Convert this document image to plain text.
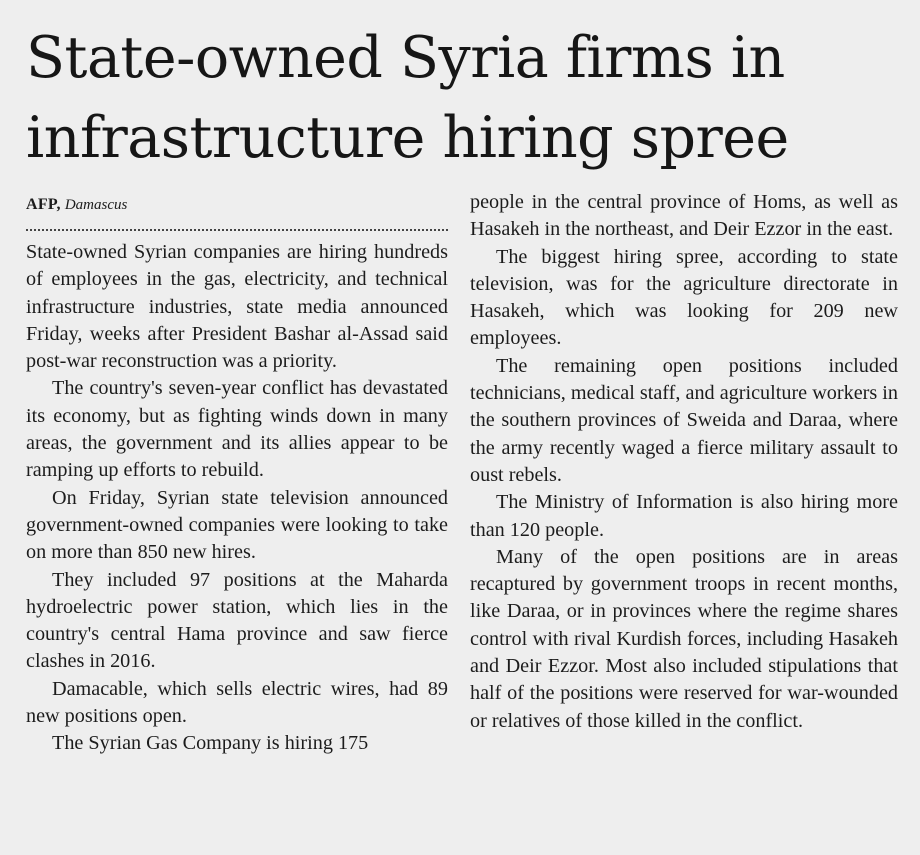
State-owned Syria firms in
infrastructure hiring spree
AFP, Damascus

State-owned Syrian companies are hiring hundreds of employees in the gas, electricity, and technical infrastructure industries, state media announced Friday, weeks after President Bashar al-Assad said post-war reconstruction was a priority.

The country's seven-year conflict has devastated its economy, but as fighting winds down in many areas, the government and its allies appear to be ramping up efforts to rebuild.

On Friday, Syrian state television announced government-owned companies were looking to take on more than 850 new hires.

They included 97 positions at the Maharda hydroelectric power station, which lies in the country's central Hama province and saw fierce clashes in 2016.

Damacable, which sells electric wires, had 89 new positions open.

The Syrian Gas Company is hiring 175

people in the central province of Homs, as well as Hasakeh in the northeast, and Deir Ezzor in the east.

The biggest hiring spree, according to state television, was for the agriculture directorate in Hasakeh, which was looking for 209 new employees.

The remaining open positions included technicians, medical staff, and agriculture workers in the southern provinces of Sweida and Daraa, where the army recently waged a fierce military assault to oust rebels.

The Ministry of Information is also hiring more than 120 people.

Many of the open positions are in areas recaptured by government troops in recent months, like Daraa, or in provinces where the regime shares control with rival Kurdish forces, including Hasakeh and Deir Ezzor. Most also included stipulations that half of the positions were reserved for war-wounded or relatives of those killed in the conflict.
